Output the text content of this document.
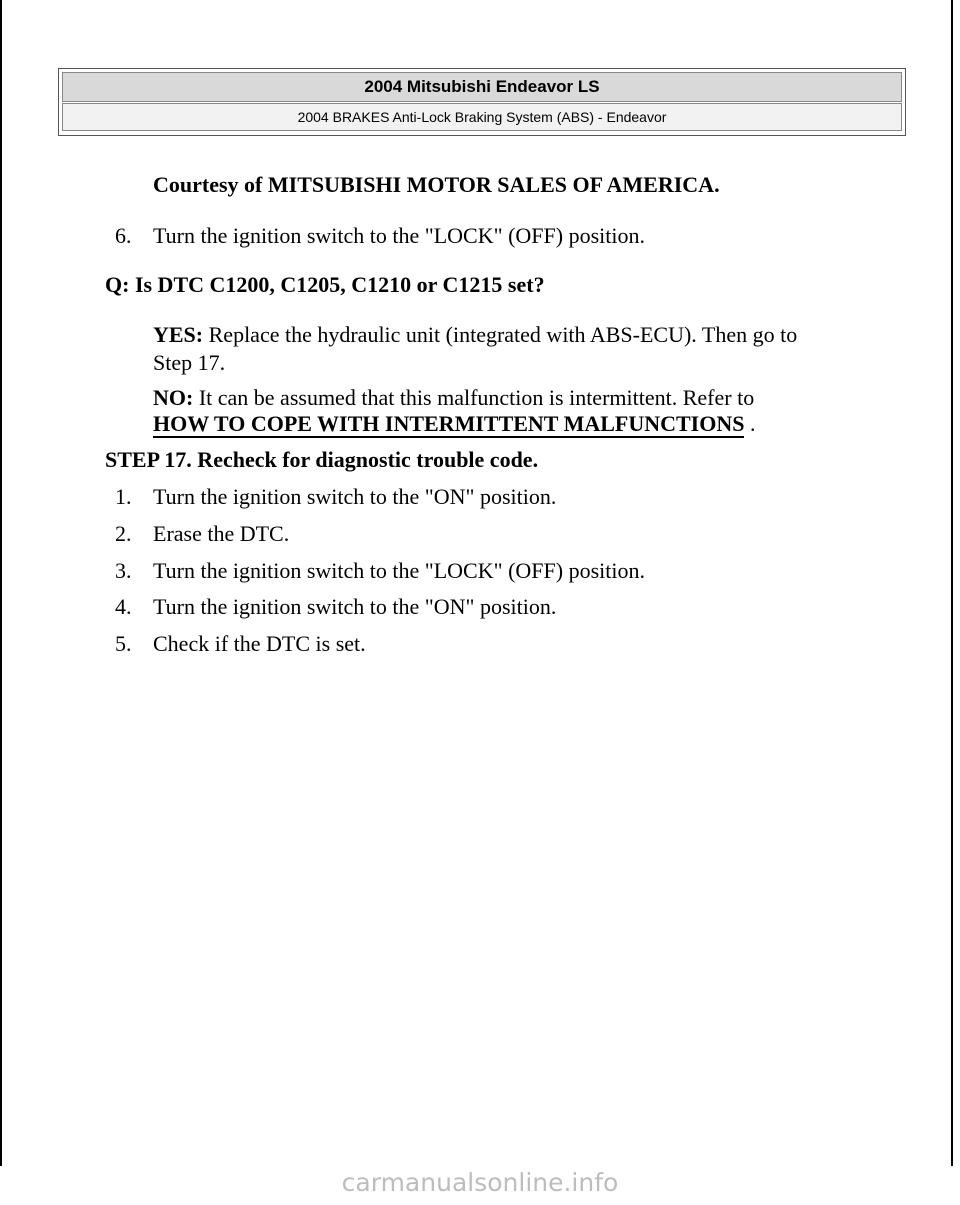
2004 Mitsubishi Endeavor LS
2004 BRAKES Anti-Lock Braking System (ABS) - Endeavor
Courtesy of MITSUBISHI MOTOR SALES OF AMERICA.
6. Turn the ignition switch to the "LOCK" (OFF) position.
Q: Is DTC C1200, C1205, C1210 or C1215 set?
YES: Replace the hydraulic unit (integrated with ABS-ECU). Then go to
Step 17.
NO: It can be assumed that this malfunction is intermittent. Refer to
HOW TO COPE WITH INTERMITTENT MALFUNCTIONS .
STEP 17. Recheck for diagnostic trouble code.
1. Turn the ignition switch to the "ON" position.
2. Erase the DTC.
3. Turn the ignition switch to the "LOCK" (OFF) position.
4. Turn the ignition switch to the "ON" position.
5. Check if the DTC is set.
carmanualsonline.info
